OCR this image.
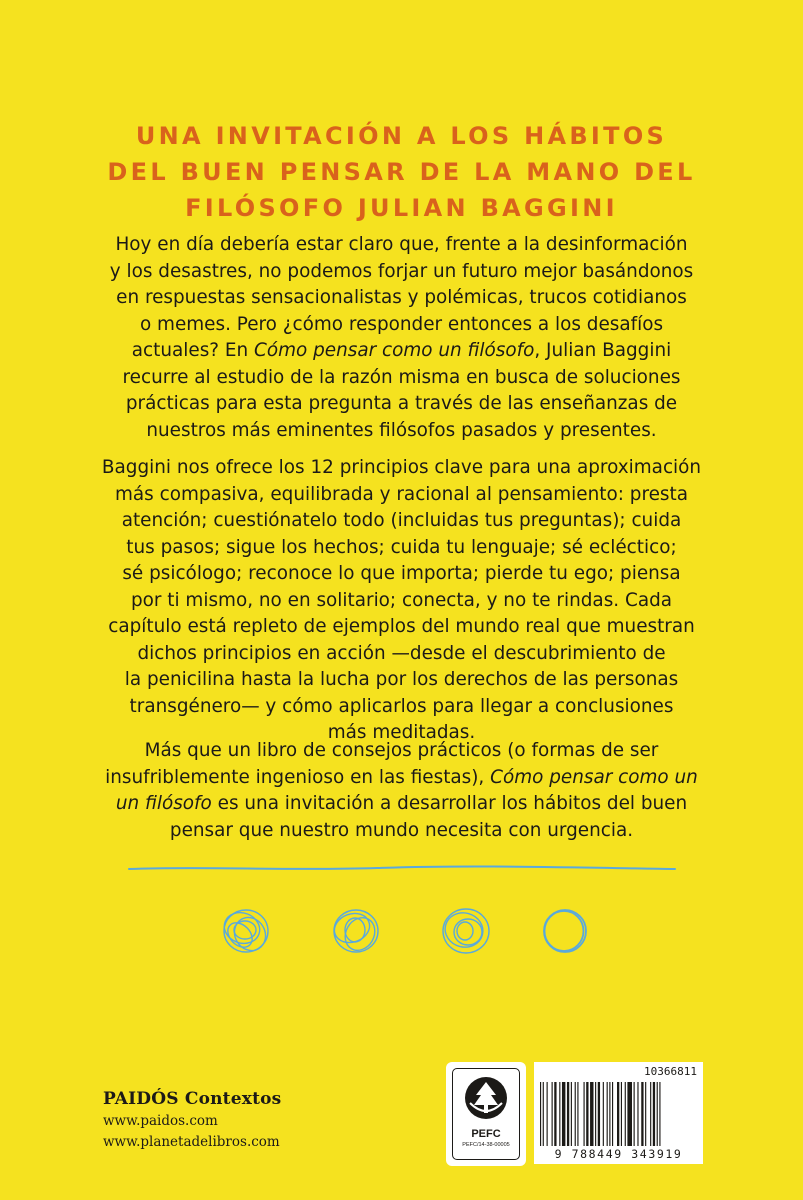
UNA INVITACIÓN A LOS HÁBITOS
DEL BUEN PENSAR DE LA MANO DEL
FILÓSOFO JULIAN BAGGINI
Hoy en día debería estar claro que, frente a la desinformación
y los desastres, no podemos forjar un futuro mejor basándonos
en respuestas sensacionalistas y polémicas, trucos cotidianos
o memes. Pero ¿cómo responder entonces a los desafíos
actuales? En Cómo pensar como un filósofo, Julian Baggini
recurre al estudio de la razón misma en busca de soluciones
prácticas para esta pregunta a través de las enseñanzas de
nuestros más eminentes filósofos pasados y presentes.
Baggini nos ofrece los 12 principios clave para una aproximación
más compasiva, equilibrada y racional al pensamiento: presta
atención; cuestiónatelo todo (incluidas tus preguntas); cuida
tus pasos; sigue los hechos; cuida tu lenguaje; sé ecléctico;
sé psicólogo; reconoce lo que importa; pierde tu ego; piensa
por ti mismo, no en solitario; conecta, y no te rindas. Cada
capítulo está repleto de ejemplos del mundo real que muestran
dichos principios en acción —desde el descubrimiento de
la penicilina hasta la lucha por los derechos de las personas
transgénero— y cómo aplicarlos para llegar a conclusiones
más meditadas.
Más que un libro de consejos prácticos (o formas de ser
insufriblemente ingenioso en las fiestas), Cómo pensar como un
un filósofo es una invitación a desarrollar los hábitos del buen
pensar que nuestro mundo necesita con urgencia.
PAIDÓS Contextos
www.paidos.com
www.planetadelibros.com	PEFC
PEFC/14-38-00005
10366811
9 788449 343919
